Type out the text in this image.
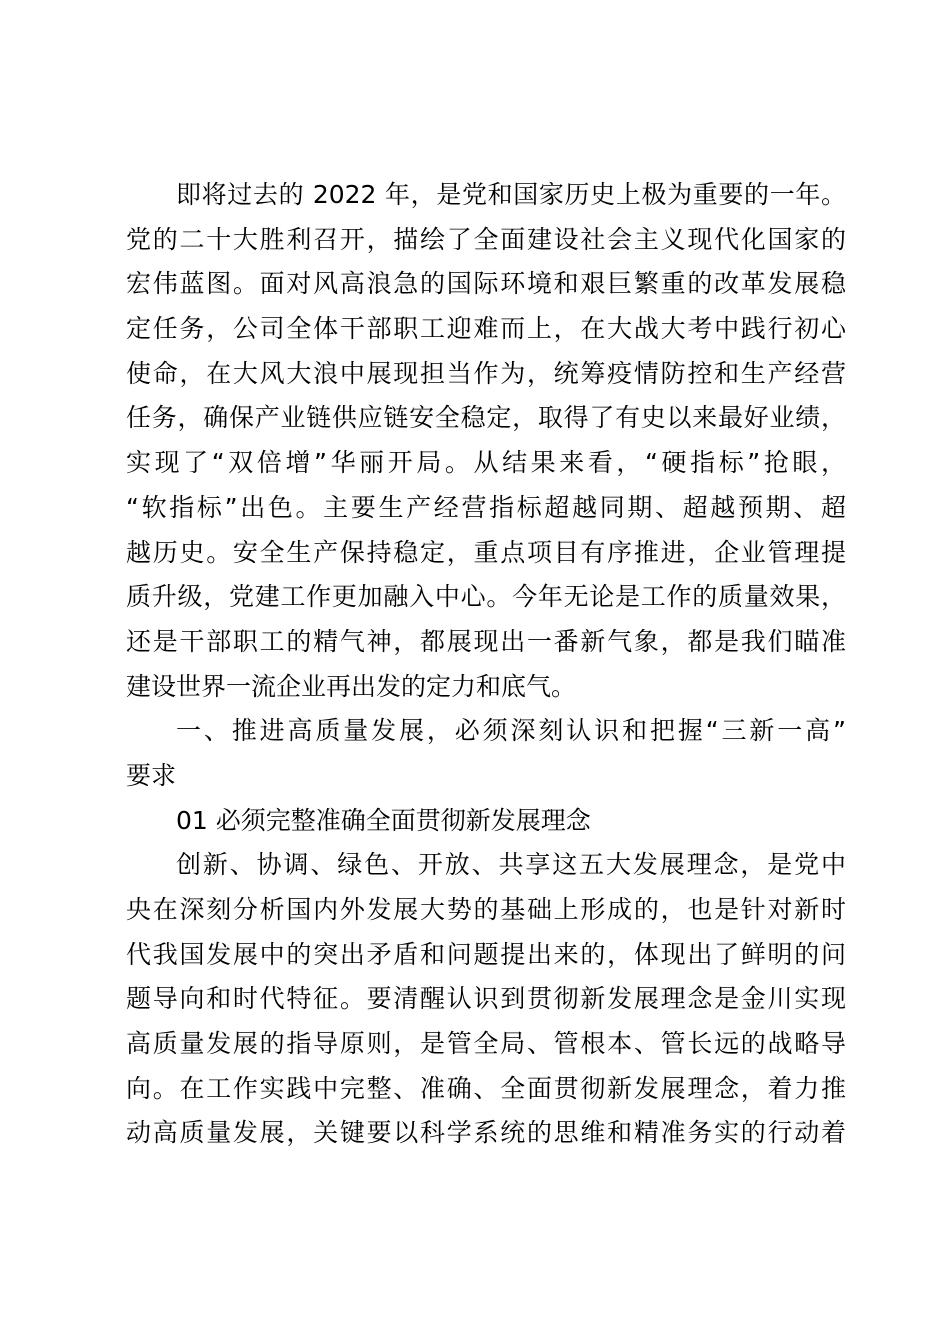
即将过去的 2022 年，是党和国家历史上极为重要的一年。
党的二十大胜利召开，描绘了全面建设社会主义现代化国家的
宏伟蓝图。面对风高浪急的国际环境和艰巨繁重的改革发展稳
定任务，公司全体干部职工迎难而上，在大战大考中践行初心
使命，在大风大浪中展现担当作为，统筹疫情防控和生产经营
任务，确保产业链供应链安全稳定，取得了有史以来最好业绩，
实现了“双倍增”华丽开局。从结果来看，“硬指标”抢眼，
“软指标”出色。主要生产经营指标超越同期、超越预期、超
越历史。安全生产保持稳定，重点项目有序推进，企业管理提
质升级，党建工作更加融入中心。今年无论是工作的质量效果，
还是干部职工的精气神，都展现出一番新气象，都是我们瞄准
建设世界一流企业再出发的定力和底气。
一、推进高质量发展，必须深刻认识和把握“三新一高”
要求
01 必须完整准确全面贯彻新发展理念
创新、协调、绿色、开放、共享这五大发展理念，是党中
央在深刻分析国内外发展大势的基础上形成的，也是针对新时
代我国发展中的突出矛盾和问题提出来的，体现出了鲜明的问
题导向和时代特征。要清醒认识到贯彻新发展理念是金川实现
高质量发展的指导原则，是管全局、管根本、管长远的战略导
向。在工作实践中完整、准确、全面贯彻新发展理念，着力推
动高质量发展，关键要以科学系统的思维和精准务实的行动着
